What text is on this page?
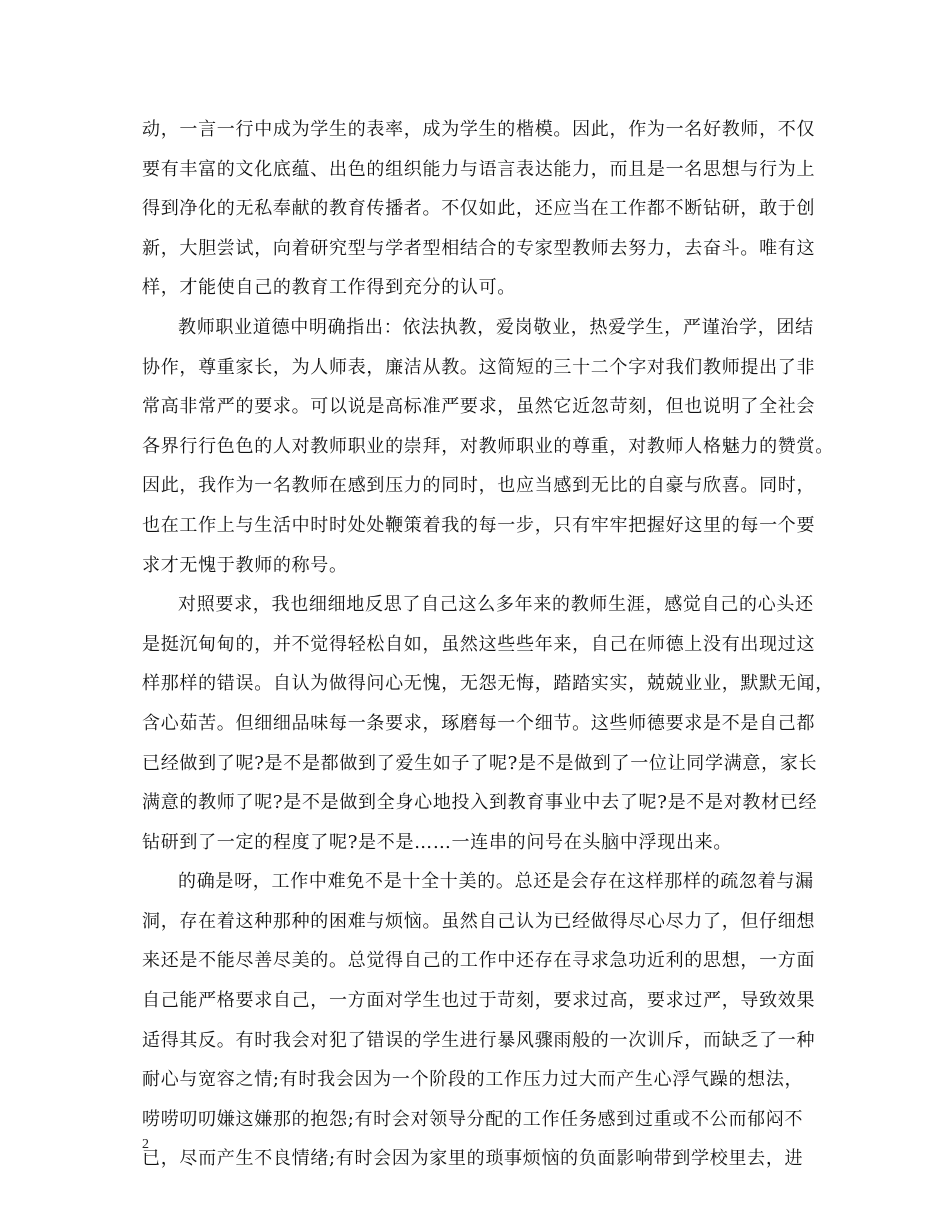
动，一言一行中成为学生的表率，成为学生的楷模。因此，作为一名好教师，不仅
要有丰富的文化底蕴、出色的组织能力与语言表达能力，而且是一名思想与行为上
得到净化的无私奉献的教育传播者。不仅如此，还应当在工作都不断钻研，敢于创
新，大胆尝试，向着研究型与学者型相结合的专家型教师去努力，去奋斗。唯有这
样，才能使自己的教育工作得到充分的认可。
教师职业道德中明确指出：依法执教，爱岗敬业，热爱学生，严谨治学，团结
协作，尊重家长，为人师表，廉洁从教。这简短的三十二个字对我们教师提出了非
常高非常严的要求。可以说是高标准严要求，虽然它近忽苛刻，但也说明了全社会
各界行行色色的人对教师职业的崇拜，对教师职业的尊重，对教师人格魅力的赞赏。
因此，我作为一名教师在感到压力的同时，也应当感到无比的自豪与欣喜。同时，
也在工作上与生活中时时处处鞭策着我的每一步，只有牢牢把握好这里的每一个要
求才无愧于教师的称号。
对照要求，我也细细地反思了自己这么多年来的教师生涯，感觉自己的心头还
是挺沉甸甸的，并不觉得轻松自如，虽然这些些年来，自己在师德上没有出现过这
样那样的错误。自认为做得问心无愧，无怨无悔，踏踏实实，兢兢业业，默默无闻，
含心茹苦。但细细品味每一条要求，琢磨每一个细节。这些师德要求是不是自己都
已经做到了呢?是不是都做到了爱生如子了呢?是不是做到了一位让同学满意，家长
满意的教师了呢?是不是做到全身心地投入到教育事业中去了呢?是不是对教材已经
钻研到了一定的程度了呢?是不是……一连串的问号在头脑中浮现出来。
的确是呀，工作中难免不是十全十美的。总还是会存在这样那样的疏忽着与漏
洞，存在着这种那种的困难与烦恼。虽然自己认为已经做得尽心尽力了，但仔细想
来还是不能尽善尽美的。总觉得自己的工作中还存在寻求急功近利的思想，一方面
自己能严格要求自己，一方面对学生也过于苛刻，要求过高，要求过严，导致效果
适得其反。有时我会对犯了错误的学生进行暴风骤雨般的一次训斥，而缺乏了一种
耐心与宽容之情;有时我会因为一个阶段的工作压力过大而产生心浮气躁的想法，
唠唠叨叨嫌这嫌那的抱怨;有时会对领导分配的工作任务感到过重或不公而郁闷不
已，尽而产生不良情绪;有时会因为家里的琐事烦恼的负面影响带到学校里去，进
2
